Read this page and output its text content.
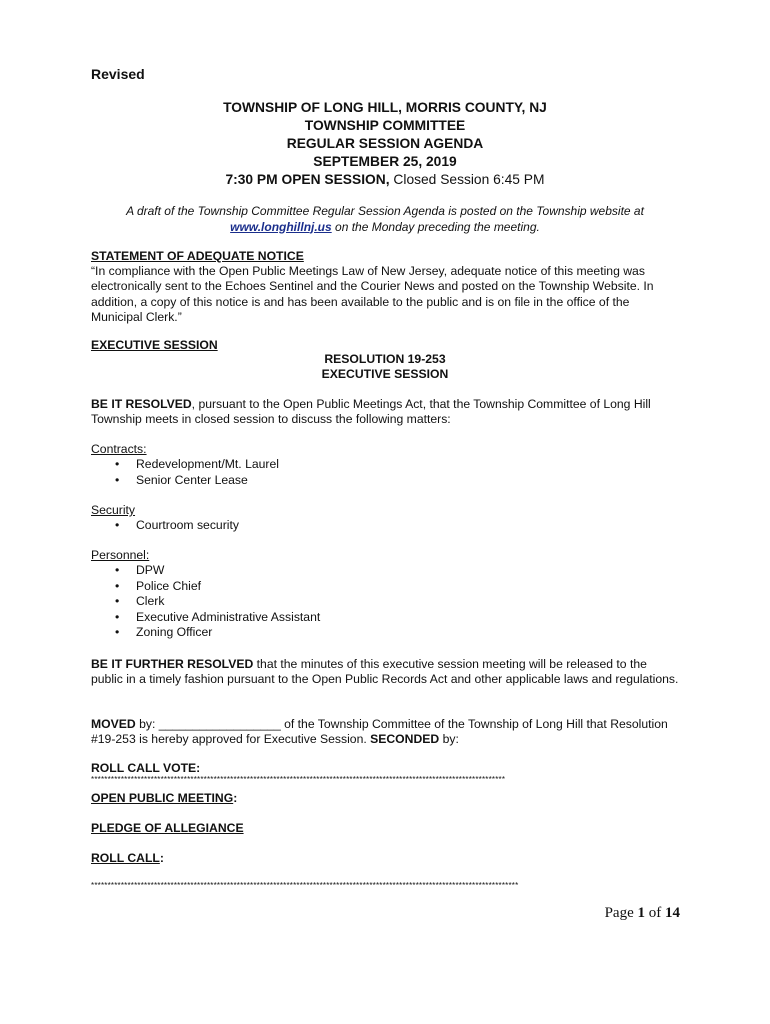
Revised
TOWNSHIP OF LONG HILL, MORRIS COUNTY, NJ
TOWNSHIP COMMITTEE
REGULAR SESSION AGENDA
SEPTEMBER 25, 2019
7:30 PM OPEN SESSION, Closed Session 6:45 PM
A draft of the Township Committee Regular Session Agenda is posted on the Township website at
www.longhillnj.us on the Monday preceding the meeting.
STATEMENT OF ADEQUATE NOTICE
“In compliance with the Open Public Meetings Law of New Jersey, adequate notice of this meeting was electronically sent to the Echoes Sentinel and the Courier News and posted on the Township Website. In addition, a copy of this notice is and has been available to the public and is on file in the office of the Municipal Clerk.”
EXECUTIVE SESSION
RESOLUTION 19-253
EXECUTIVE SESSION
BE IT RESOLVED, pursuant to the Open Public Meetings Act, that the Township Committee of Long Hill Township meets in closed session to discuss the following matters:
Contracts:
• Redevelopment/Mt. Laurel
• Senior Center Lease
Security
• Courtroom security
Personnel:
• DPW
• Police Chief
• Clerk
• Executive Administrative Assistant
• Zoning Officer
BE IT FURTHER RESOLVED that the minutes of this executive session meeting will be released to the public in a timely fashion pursuant to the Open Public Records Act and other applicable laws and regulations.
MOVED by: __________________ of the Township Committee of the Township of Long Hill that Resolution #19-253 is hereby approved for Executive Session. SECONDED by:
ROLL CALL VOTE:
*****************************************************************************************************************************
OPEN PUBLIC MEETING:
PLEDGE OF ALLEGIANCE
ROLL CALL:
*********************************************************************************************************************************
Page 1 of 14
